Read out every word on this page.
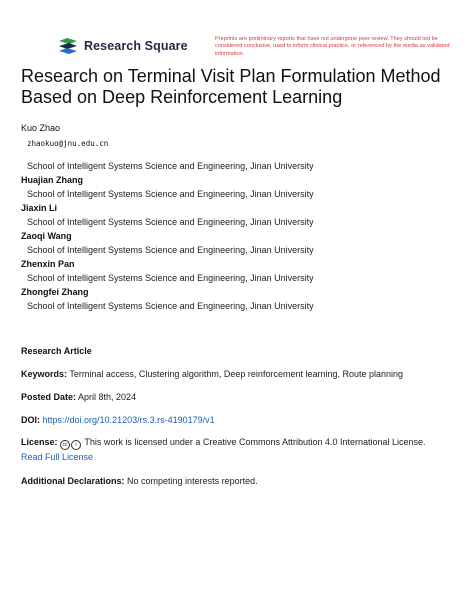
Research Square	Preprints are preliminary reports that have not undergone peer review. They should not be considered conclusive, used to inform clinical practice, or referenced by the media as validated information.
Research on Terminal Visit Plan Formulation Method Based on Deep Reinforcement Learning
Kuo Zhao
zhaokuo@jnu.edu.cn
School of Intelligent Systems Science and Engineering, Jinan University
Huajian Zhang
School of Intelligent Systems Science and Engineering, Jinan University
Jiaxin Li
School of Intelligent Systems Science and Engineering, Jinan University
Zaoqi Wang
School of Intelligent Systems Science and Engineering, Jinan University
Zhenxin Pan
School of Intelligent Systems Science and Engineering, Jinan University
Zhongfei Zhang
School of Intelligent Systems Science and Engineering, Jinan University
Research Article
Keywords: Terminal access, Clustering algorithm, Deep reinforcement learning, Route planning
Posted Date: April 8th, 2024
DOI: https://doi.org/10.21203/rs.3.rs-4190179/v1
License: cc i This work is licensed under a Creative Commons Attribution 4.0 International License.
Read Full License
Additional Declarations: No competing interests reported.
